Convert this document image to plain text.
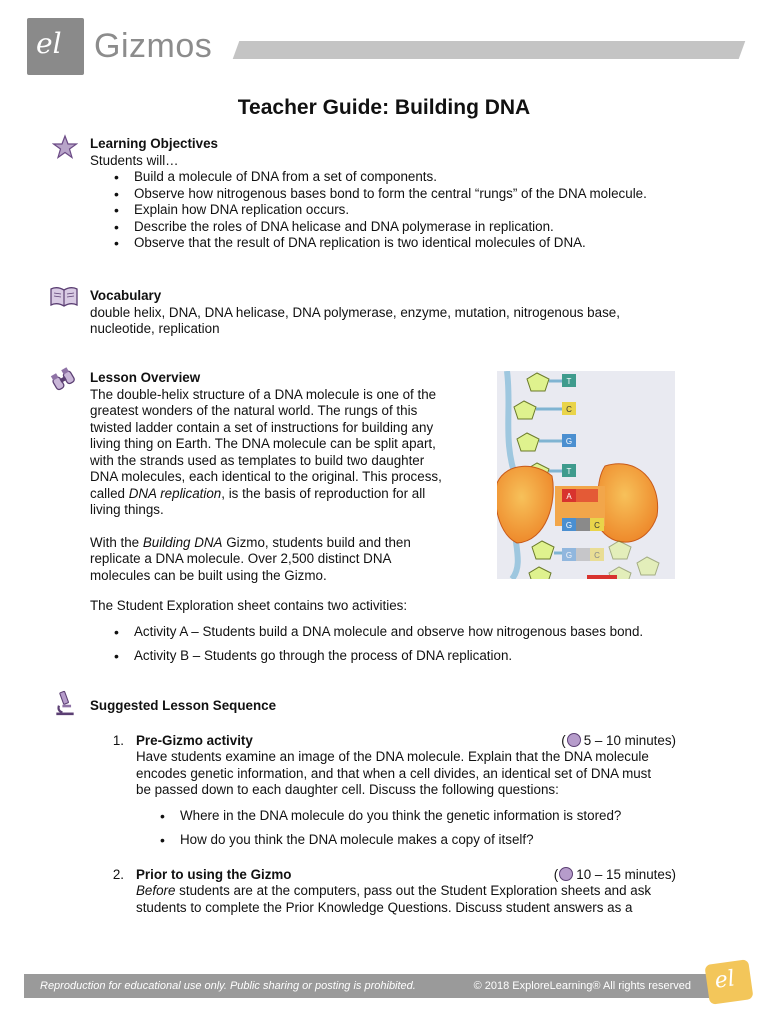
el Gizmos
Teacher Guide: Building DNA
Learning Objectives
Students will…
• Build a molecule of DNA from a set of components.
• Observe how nitrogenous bases bond to form the central “rungs” of the DNA molecule.
• Explain how DNA replication occurs.
• Describe the roles of DNA helicase and DNA polymerase in replication.
• Observe that the result of DNA replication is two identical molecules of DNA.
Vocabulary
double helix, DNA, DNA helicase, DNA polymerase, enzyme, mutation, nitrogenous base,
nucleotide, replication
Lesson Overview
The double-helix structure of a DNA molecule is one of the
greatest wonders of the natural world. The rungs of this
twisted ladder contain a set of instructions for building any
living thing on Earth. The DNA molecule can be split apart,
with the strands used as templates to build two daughter
DNA molecules, each identical to the original. This process,
called DNA replication, is the basis of reproduction for all
living things.
With the Building DNA Gizmo, students build and then
replicate a DNA molecule. Over 2,500 distinct DNA
molecules can be built using the Gizmo.
T
C
G
T
A
G	C
G	C
The Student Exploration sheet contains two activities:
• Activity A – Students build a DNA molecule and observe how nitrogenous bases bond.
• Activity B – Students go through the process of DNA replication.
Suggested Lesson Sequence
1. Pre-Gizmo activity	( 5 – 10 minutes)
Have students examine an image of the DNA molecule. Explain that the DNA molecule
encodes genetic information, and that when a cell divides, an identical set of DNA must
be passed down to each daughter cell. Discuss the following questions:
• Where in the DNA molecule do you think the genetic information is stored?
• How do you think the DNA molecule makes a copy of itself?
2. Prior to using the Gizmo	( 10 – 15 minutes)
Before students are at the computers, pass out the Student Exploration sheets and ask
students to complete the Prior Knowledge Questions. Discuss student answers as a
Reproduction for educational use only. Public sharing or posting is prohibited.	© 2018 ExploreLearning® All rights reserved el
